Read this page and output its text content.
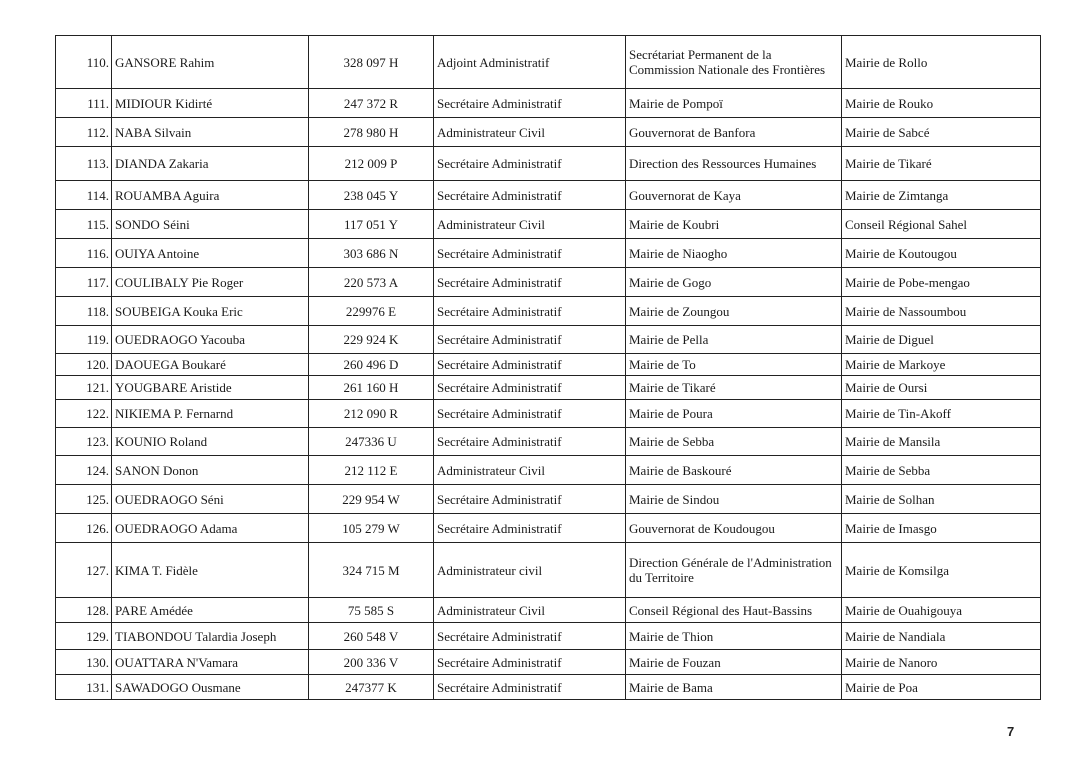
110.	GANSORE Rahim	328 097 H	Adjoint Administratif	Secrétariat Permanent de la Commission Nationale des Frontières	Mairie de Rollo
111.	MIDIOUR Kidirté	247 372 R	Secrétaire Administratif	Mairie de Pompoï	Mairie de Rouko
112.	NABA Silvain	278 980 H	Administrateur Civil	Gouvernorat de Banfora	Mairie de Sabcé
113.	DIANDA Zakaria	212 009 P	Secrétaire Administratif	Direction des Ressources Humaines	Mairie de Tikaré
114.	ROUAMBA Aguira	238 045 Y	Secrétaire Administratif	Gouvernorat de Kaya	Mairie de Zimtanga
115.	SONDO Séini	117 051 Y	Administrateur Civil	Mairie de Koubri	Conseil Régional Sahel
116.	OUIYA Antoine	303 686 N	Secrétaire Administratif	Mairie de Niaogho	Mairie de Koutougou
117.	COULIBALY Pie Roger	220 573 A	Secrétaire Administratif	Mairie de Gogo	Mairie de Pobe-mengao
118.	SOUBEIGA Kouka Eric	229976 E	Secrétaire Administratif	Mairie de Zoungou	Mairie de Nassoumbou
119.	OUEDRAOGO Yacouba	229 924 K	Secrétaire Administratif	Mairie de Pella	Mairie de Diguel
120.	DAOUEGA Boukaré	260 496 D	Secrétaire Administratif	Mairie de To	Mairie de Markoye
121.	YOUGBARE Aristide	261 160 H	Secrétaire Administratif	Mairie de Tikaré	Mairie de Oursi
122.	NIKIEMA P. Fernarnd	212 090 R	Secrétaire Administratif	Mairie de Poura	Mairie de Tin-Akoff
123.	KOUNIO Roland	247336 U	Secrétaire Administratif	Mairie de Sebba	Mairie de Mansila
124.	SANON Donon	212 112 E	Administrateur Civil	Mairie de Baskouré	Mairie de Sebba
125.	OUEDRAOGO Séni	229 954 W	Secrétaire Administratif	Mairie de Sindou	Mairie de Solhan
126.	OUEDRAOGO Adama	105 279 W	Secrétaire Administratif	Gouvernorat de Koudougou	Mairie de Imasgo
127.	KIMA T. Fidèle	324 715 M	Administrateur civil	Direction Générale de l'Administration du Territoire	Mairie de Komsilga
128.	PARE Amédée	75 585 S	Administrateur Civil	Conseil Régional des Haut-Bassins	Mairie de Ouahigouya
129.	TIABONDOU Talardia Joseph	260 548 V	Secrétaire Administratif	Mairie de Thion	Mairie de Nandiala
130.	OUATTARA N'Vamara	200 336 V	Secrétaire Administratif	Mairie de Fouzan	Mairie de Nanoro
131.	SAWADOGO Ousmane	247377 K	Secrétaire Administratif	Mairie de Bama	Mairie de Poa
7
